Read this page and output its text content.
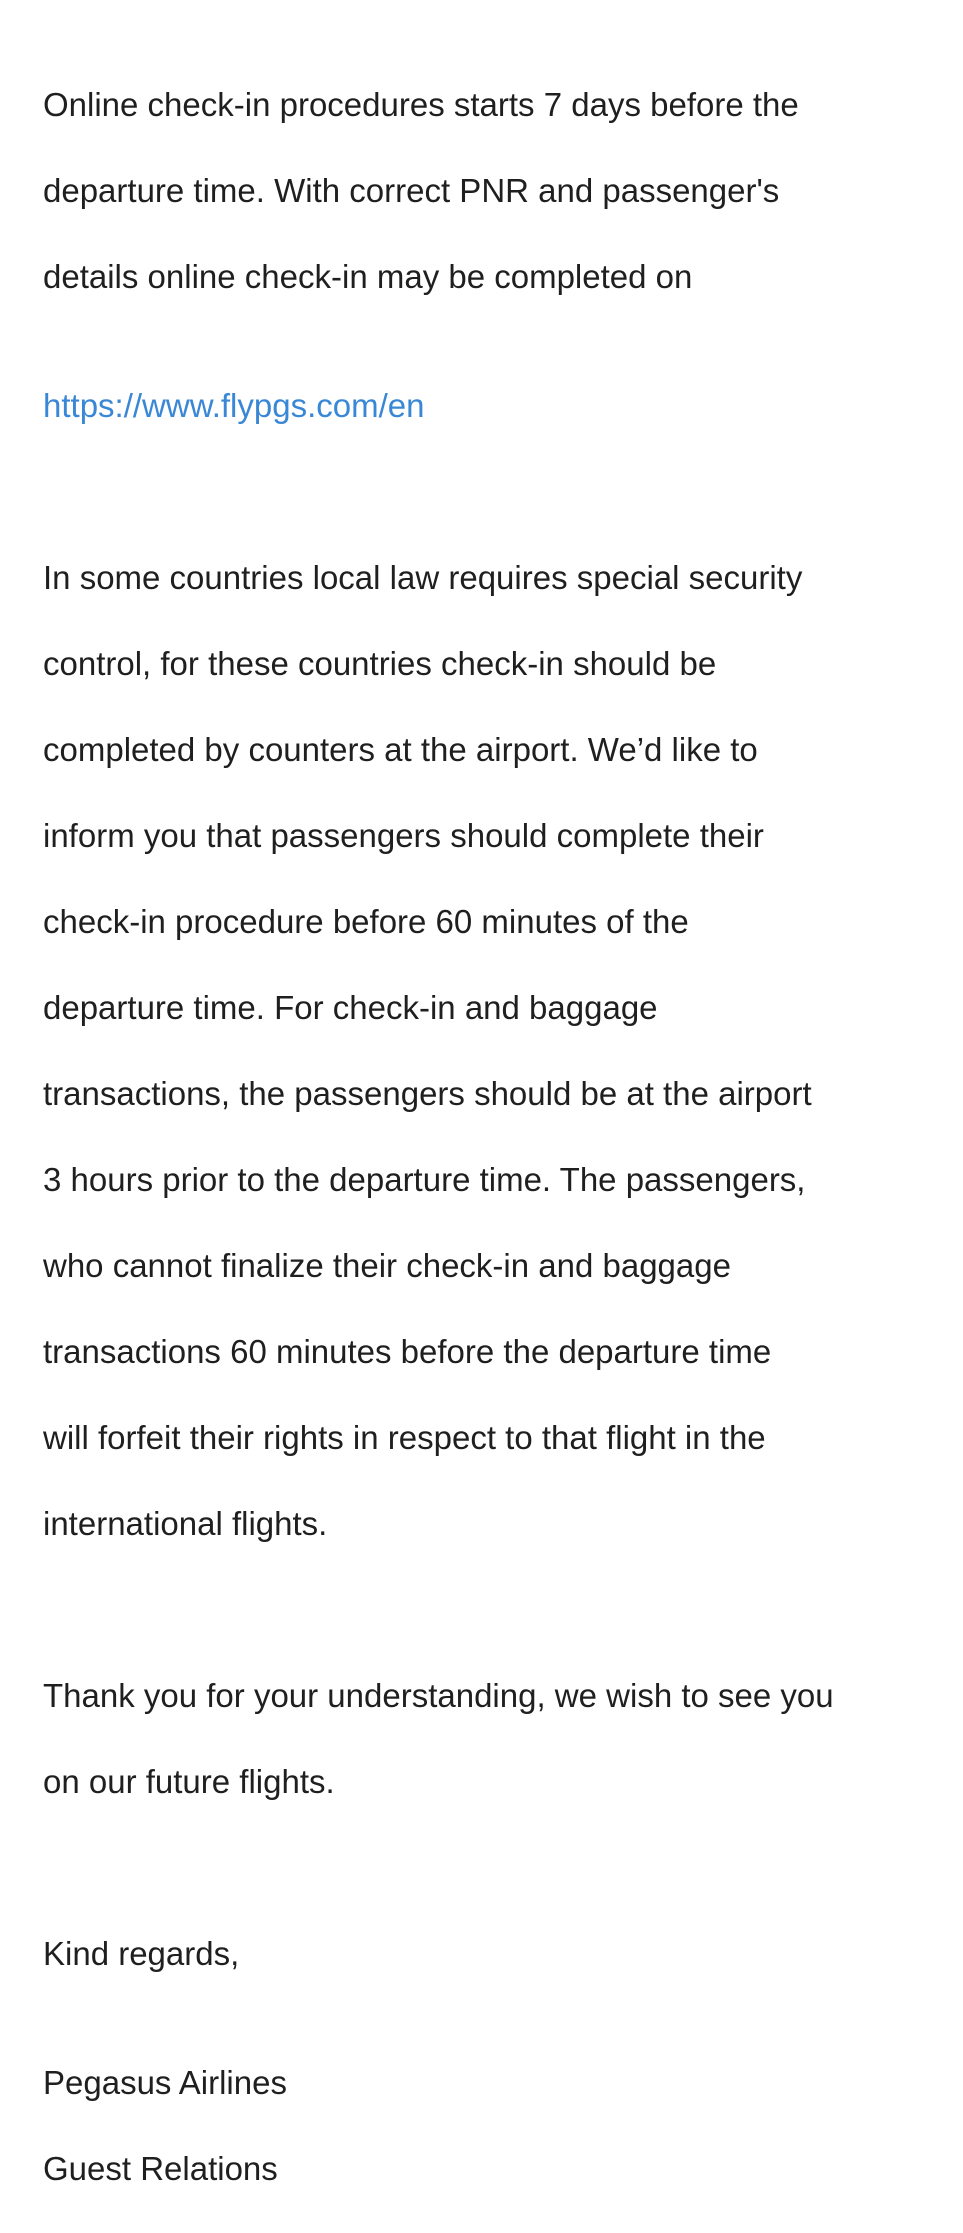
Online check-in procedures starts 7 days before the

departure time. With correct PNR and passenger's

details online check-in may be completed on

https://www.flypgs.com/en

In some countries local law requires special security

control, for these countries check-in should be

completed by counters at the airport. We’d like to

inform you that passengers should complete their

check-in procedure before 60 minutes of the

departure time. For check-in and baggage

transactions, the passengers should be at the airport

3 hours prior to the departure time. The passengers,

who cannot finalize their check-in and baggage

transactions 60 minutes before the departure time

will forfeit their rights in respect to that flight in the

international flights.

Thank you for your understanding, we wish to see you

on our future flights.

Kind regards,

Pegasus Airlines

Guest Relations
